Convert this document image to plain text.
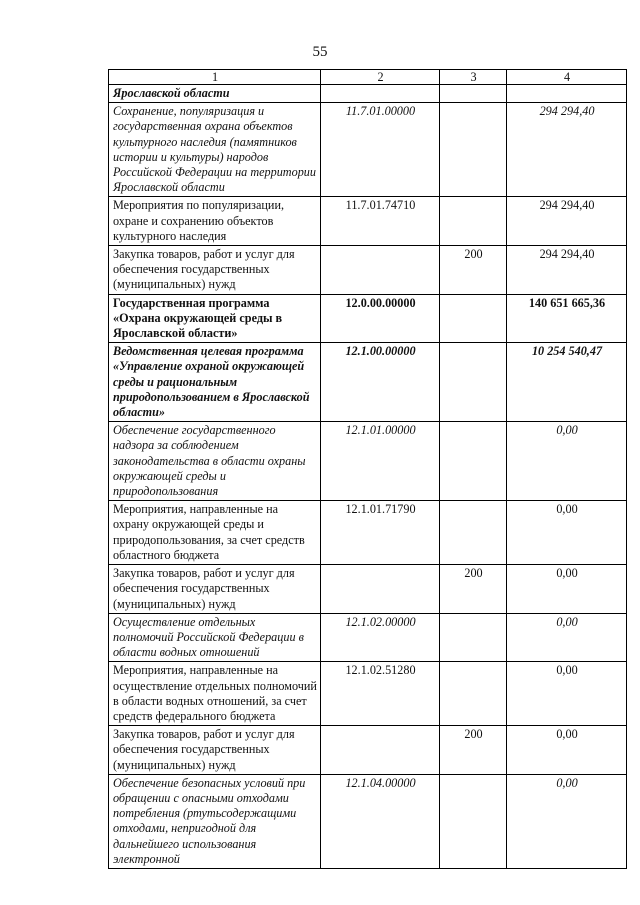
55
1	2	3	4
Ярославской области			
Сохранение, популяризация и государственная охрана объектов культурного наследия (памятников истории и культуры) народов Российской Федерации на территории Ярославской области	11.7.01.00000		294 294,40
Мероприятия по популяризации, охране и сохранению объектов культурного наследия	11.7.01.74710		294 294,40
Закупка товаров, работ и услуг для обеспечения государственных (муниципальных) нужд		200	294 294,40
Государственная программа «Охрана окружающей среды в Ярославской области»	12.0.00.00000		140 651 665,36
Ведомственная целевая программа «Управление охраной окружающей среды и рациональным природопользованием в Ярославской области»	12.1.00.00000		10 254 540,47
Обеспечение государственного надзора за соблюдением законодательства в области охраны окружающей среды и природопользования	12.1.01.00000		0,00
Мероприятия, направленные на охрану окружающей среды и природопользования, за счет средств областного бюджета	12.1.01.71790		0,00
Закупка товаров, работ и услуг для обеспечения государственных (муниципальных) нужд		200	0,00
Осуществление отдельных полномочий Российской Федерации в области водных отношений	12.1.02.00000		0,00
Мероприятия, направленные на осуществление отдельных полномочий в области водных отношений, за счет средств федерального бюджета	12.1.02.51280		0,00
Закупка товаров, работ и услуг для обеспечения государственных (муниципальных) нужд		200	0,00
Обеспечение безопасных условий при обращении с опасными отходами потребления (ртутьсодержащими отходами, непригодной для дальнейшего использования электронной	12.1.04.00000		0,00
